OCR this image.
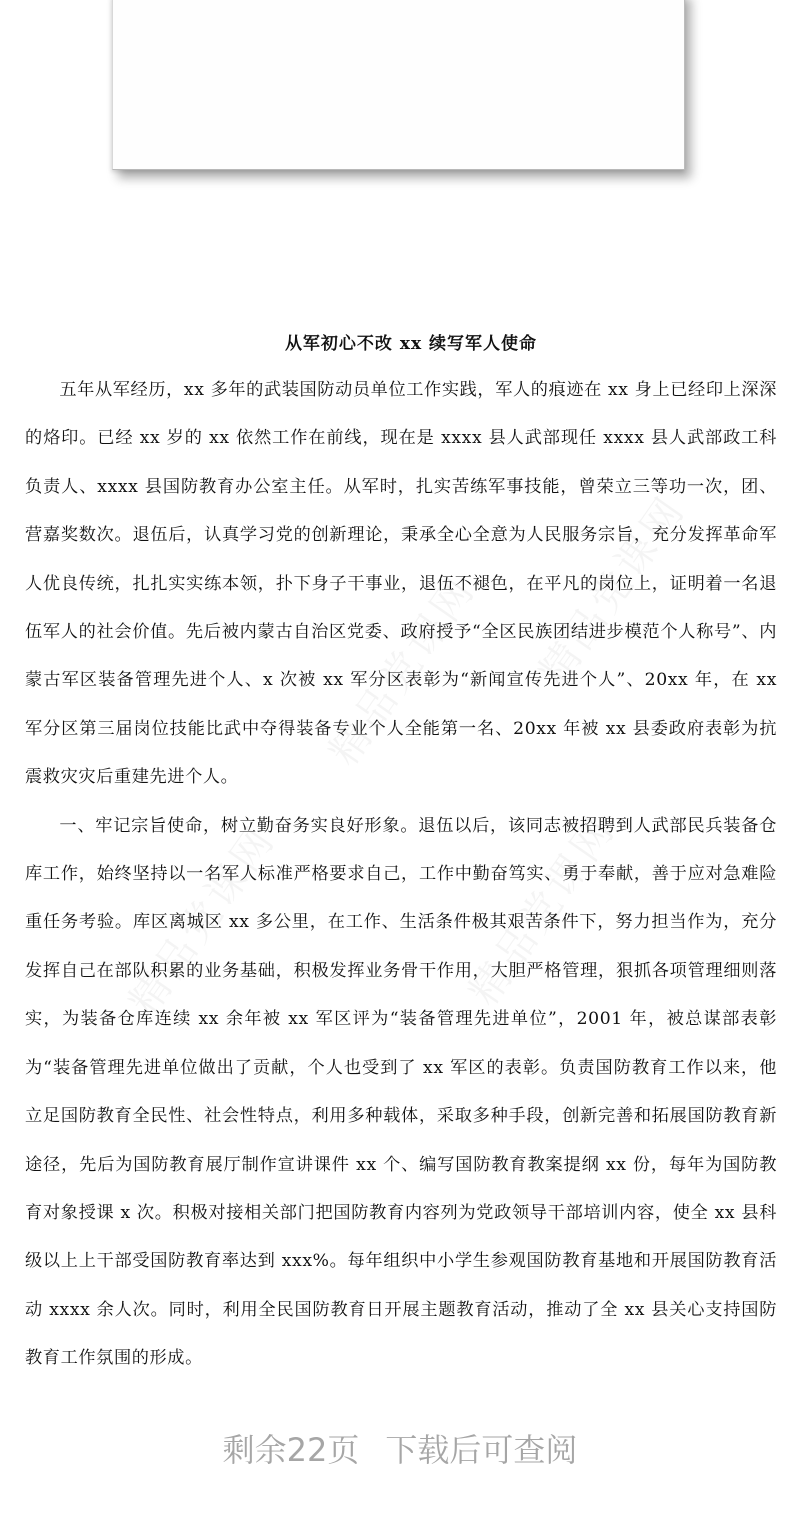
从军初心不改 xx 续写军人使命

五年从军经历，xx 多年的武装国防动员单位工作实践，军人的痕迹在 xx 身上已经印上深深的烙印。已经 xx 岁的 xx 依然工作在前线，现在是 xxxx 县人武部现任 xxxx 县人武部政工科负责人、xxxx 县国防教育办公室主任。从军时，扎实苦练军事技能，曾荣立三等功一次，团、营嘉奖数次。退伍后，认真学习党的创新理论，秉承全心全意为人民服务宗旨，充分发挥革命军人优良传统，扎扎实实练本领，扑下身子干事业，退伍不褪色，在平凡的岗位上，证明着一名退伍军人的社会价值。先后被内蒙古自治区党委、政府授予“全区民族团结进步模范个人称号”、内蒙古军区装备管理先进个人、x 次被 xx 军分区表彰为“新闻宣传先进个人”、20xx 年，在 xx 军分区第三届岗位技能比武中夺得装备专业个人全能第一名、20xx 年被 xx 县委政府表彰为抗震救灾灾后重建先进个人。

一、牢记宗旨使命，树立勤奋务实良好形象。退伍以后，该同志被招聘到人武部民兵装备仓库工作，始终坚持以一名军人标准严格要求自己，工作中勤奋笃实、勇于奉献，善于应对急难险重任务考验。库区离城区 xx 多公里，在工作、生活条件极其艰苦条件下，努力担当作为，充分发挥自己在部队积累的业务基础，积极发挥业务骨干作用，大胆严格管理，狠抓各项管理细则落实，为装备仓库连续 xx 余年被 xx 军区评为“装备管理先进单位”，2001 年，被总谋部表彰为“装备管理先进单位做出了贡献，个人也受到了 xx 军区的表彰。负责国防教育工作以来，他立足国防教育全民性、社会性特点，利用多种载体，采取多种手段，创新完善和拓展国防教育新途径，先后为国防教育展厅制作宣讲课件 xx 个、编写国防教育教案提纲 xx 份，每年为国防教育对象授课 x 次。积极对接相关部门把国防教育内容列为党政领导干部培训内容，使全 xx 县科级以上上干部受国防教育率达到 xxx%。每年组织中小学生参观国防教育基地和开展国防教育活动 xxxx 余人次。同时，利用全民国防教育日开展主题教育活动，推动了全 xx 县关心支持国防教育工作氛围的形成。

剩余22页 下载后可查阅
